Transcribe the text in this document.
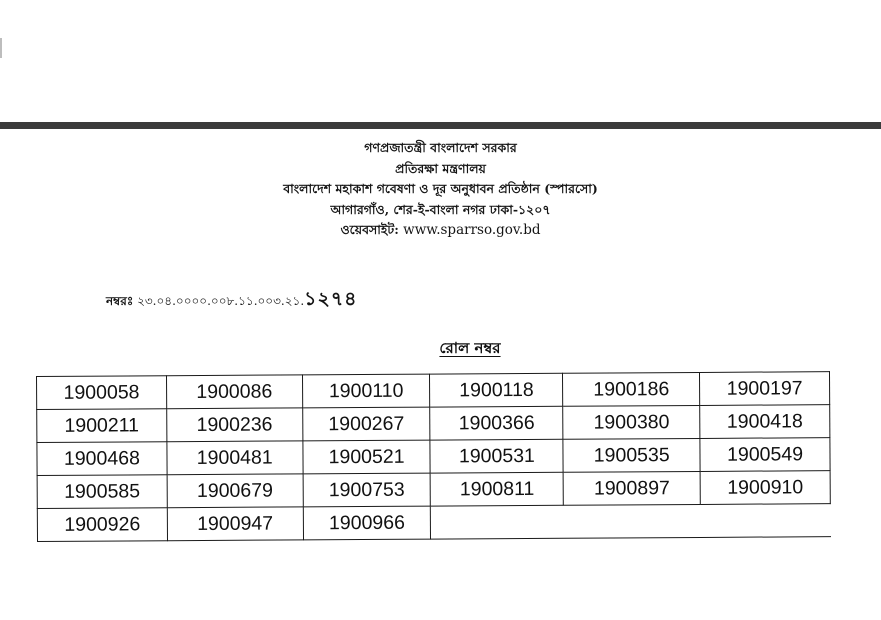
গণপ্রজাতন্ত্রী বাংলাদেশ সরকার
প্রতিরক্ষা মন্ত্রণালয়
বাংলাদেশ মহাকাশ গবেষণা ও দূর অনুধাবন প্রতিষ্ঠান (স্পারসো)
আগারগাঁও, শের-ই-বাংলা নগর ঢাকা-১২০৭
ওয়েবসাইট: www.sparrso.gov.bd
নম্বরঃ ২৩.০৪.০০০০.০০৮.১১.০০৩.২১.১২৭৪
রোল নম্বর
1900058	1900086	1900110	1900118	1900186	1900197
1900211	1900236	1900267	1900366	1900380	1900418
1900468	1900481	1900521	1900531	1900535	1900549
1900585	1900679	1900753	1900811	1900897	1900910
1900926	1900947	1900966			
